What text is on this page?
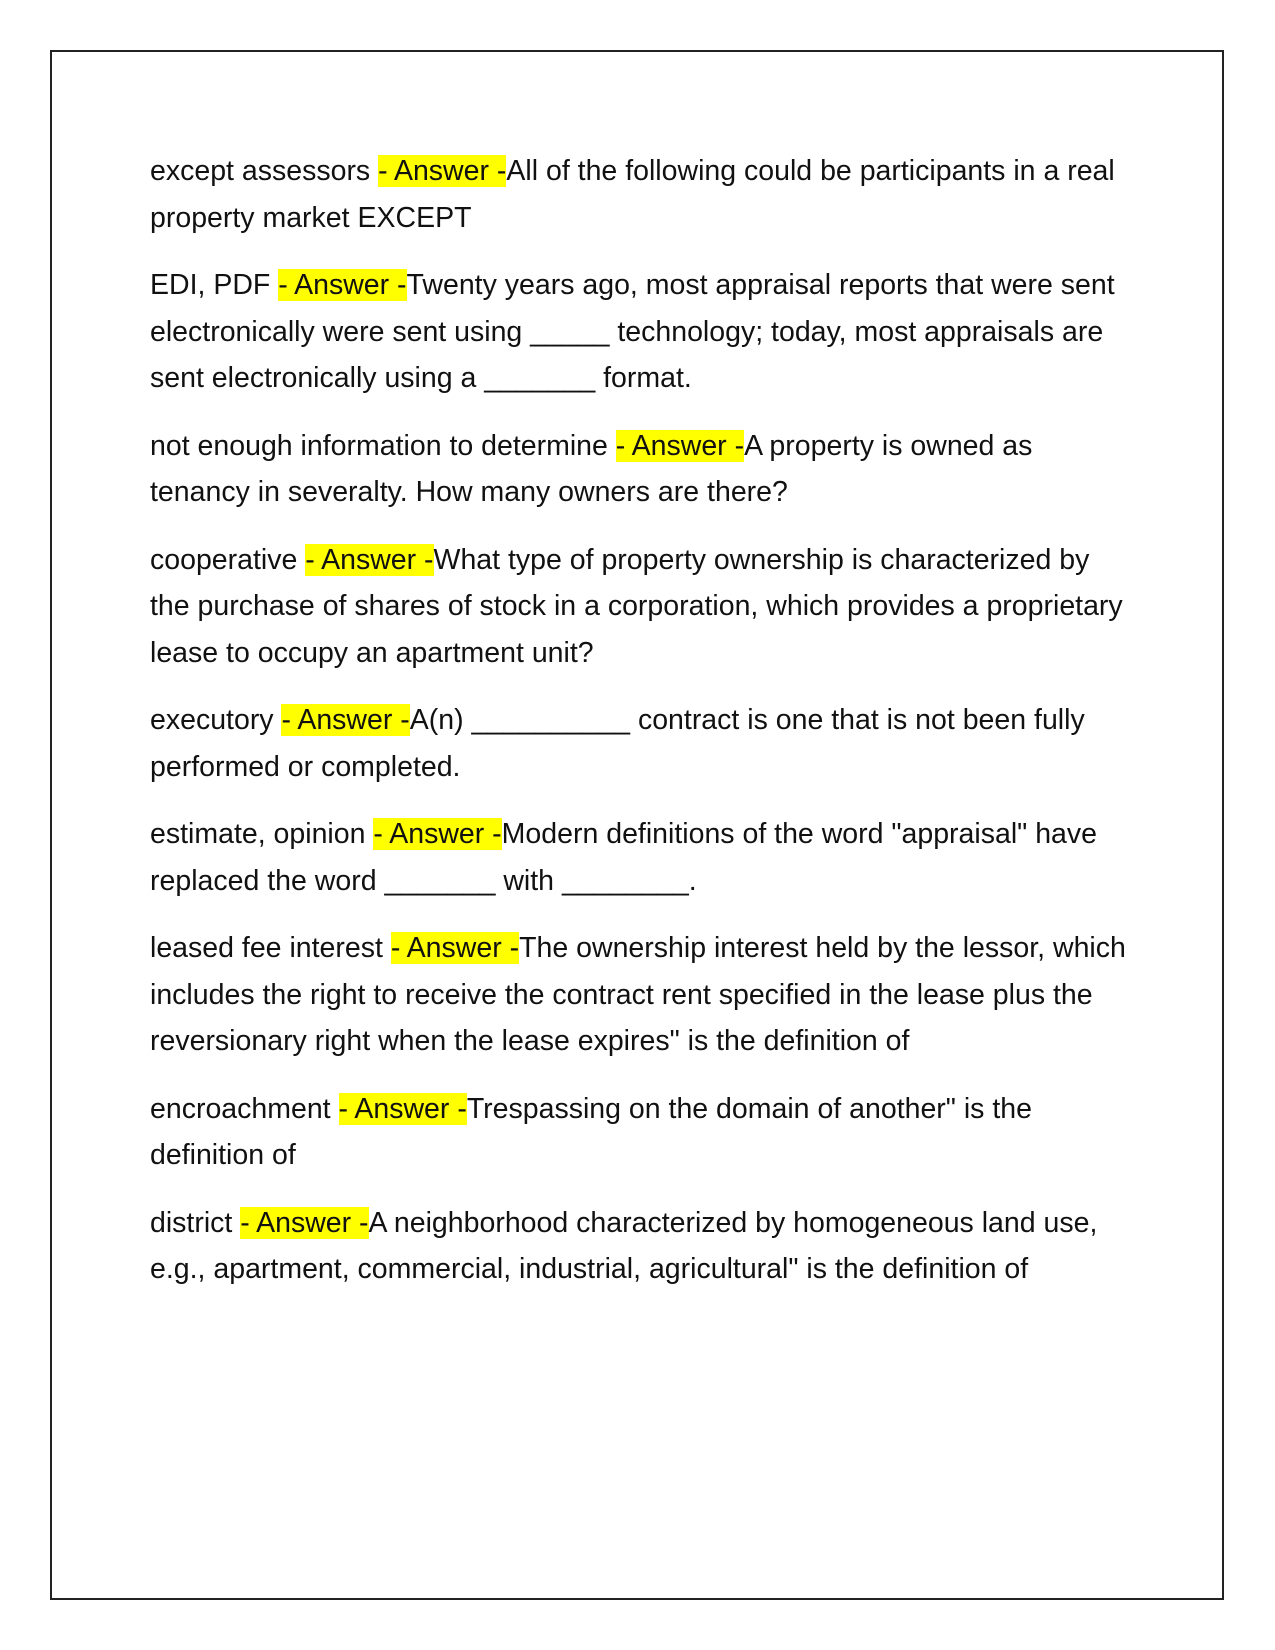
except assessors - Answer -All of the following could be participants in a real property market EXCEPT

EDI, PDF - Answer -Twenty years ago, most appraisal reports that were sent electronically were sent using _____ technology; today, most appraisals are sent electronically using a _______ format.

not enough information to determine - Answer -A property is owned as tenancy in severalty. How many owners are there?

cooperative - Answer -What type of property ownership is characterized by the purchase of shares of stock in a corporation, which provides a proprietary lease to occupy an apartment unit?

executory - Answer -A(n) __________ contract is one that is not been fully performed or completed.

estimate, opinion - Answer -Modern definitions of the word "appraisal" have replaced the word _______ with ________.

leased fee interest - Answer -The ownership interest held by the lessor, which includes the right to receive the contract rent specified in the lease plus the reversionary right when the lease expires" is the definition of

encroachment - Answer -Trespassing on the domain of another" is the definition of

district - Answer -A neighborhood characterized by homogeneous land use, e.g., apartment, commercial, industrial, agricultural" is the definition of
